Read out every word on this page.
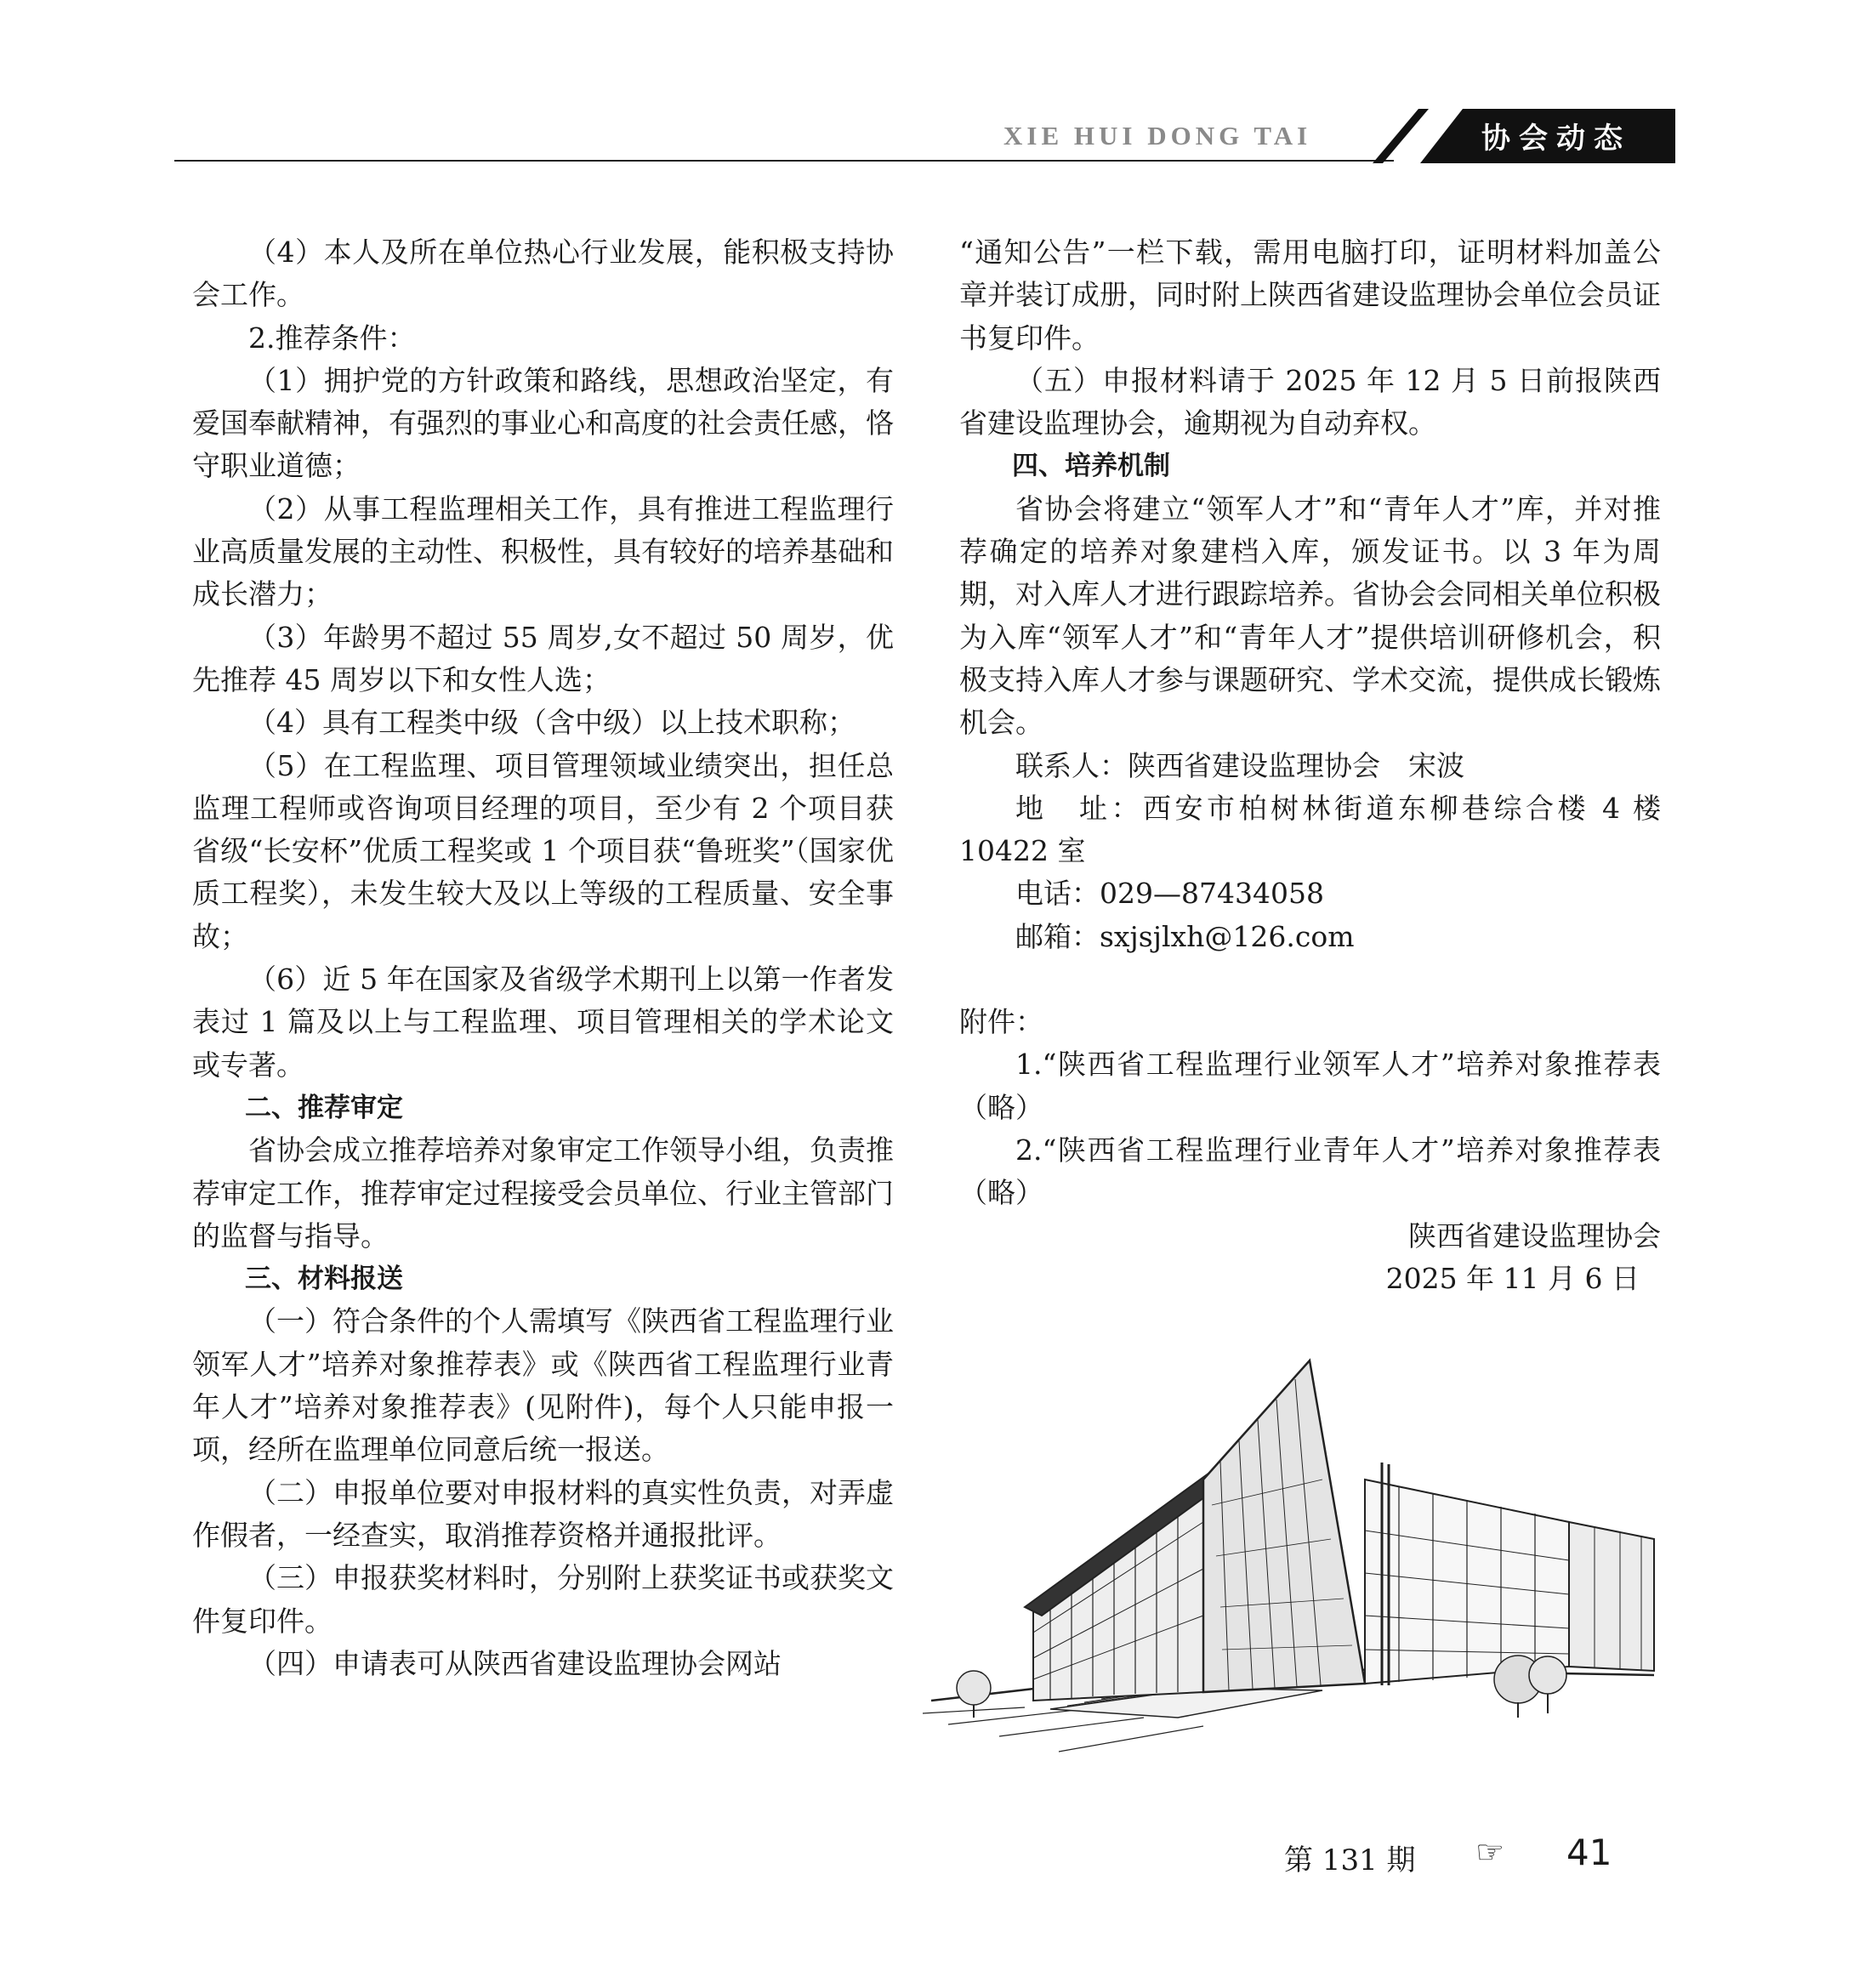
XIE HUI DONG TAI	协会动态

（4）本人及所在单位热心行业发展，能积极支持协会工作。

2.推荐条件：

（1）拥护党的方针政策和路线，思想政治坚定，有爱国奉献精神，有强烈的事业心和高度的社会责任感，恪守职业道德；

（2）从事工程监理相关工作，具有推进工程监理行业高质量发展的主动性、积极性，具有较好的培养基础和成长潜力；

（3）年龄男不超过 55 周岁,女不超过 50 周岁，优先推荐 45 周岁以下和女性人选；

（4）具有工程类中级（含中级）以上技术职称；

（5）在工程监理、项目管理领域业绩突出，担任总监理工程师或咨询项目经理的项目，至少有 2 个项目获省级“长安杯”优质工程奖或 1 个项目获“鲁班奖”（国家优质工程奖），未发生较大及以上等级的工程质量、安全事故；

（6）近 5 年在国家及省级学术期刊上以第一作者发表过 1 篇及以上与工程监理、项目管理相关的学术论文或专著。

二、推荐审定

省协会成立推荐培养对象审定工作领导小组，负责推荐审定工作，推荐审定过程接受会员单位、行业主管部门的监督与指导。

三、材料报送

（一）符合条件的个人需填写《陕西省工程监理行业领军人才”培养对象推荐表》或《陕西省工程监理行业青年人才”培养对象推荐表》(见附件)，每个人只能申报一项，经所在监理单位同意后统一报送。

（二）申报单位要对申报材料的真实性负责，对弄虚作假者，一经查实，取消推荐资格并通报批评。

（三）申报获奖材料时，分别附上获奖证书或获奖文件复印件。

（四）申请表可从陕西省建设监理协会网站

“通知公告”一栏下载，需用电脑打印，证明材料加盖公章并装订成册，同时附上陕西省建设监理协会单位会员证书复印件。

（五）申报材料请于 2025 年 12 月 5 日前报陕西省建设监理协会，逾期视为自动弃权。

四、培养机制

省协会将建立“领军人才”和“青年人才”库，并对推荐确定的培养对象建档入库，颁发证书。以 3 年为周期，对入库人才进行跟踪培养。省协会会同相关单位积极为入库“领军人才”和“青年人才”提供培训研修机会，积极支持入库人才参与课题研究、学术交流，提供成长锻炼机会。

联系人：陕西省建设监理协会　宋波

地　址：西安市柏树林街道东柳巷综合楼 4 楼 10422 室

电话：029—87434058

邮箱：sxjsjlxh@126.com

附件：

1.“陕西省工程监理行业领军人才”培养对象推荐表（略）

2.“陕西省工程监理行业青年人才”培养对象推荐表（略）

陕西省建设监理协会

2025 年 11 月 6 日

第 131 期 ☞ 41
